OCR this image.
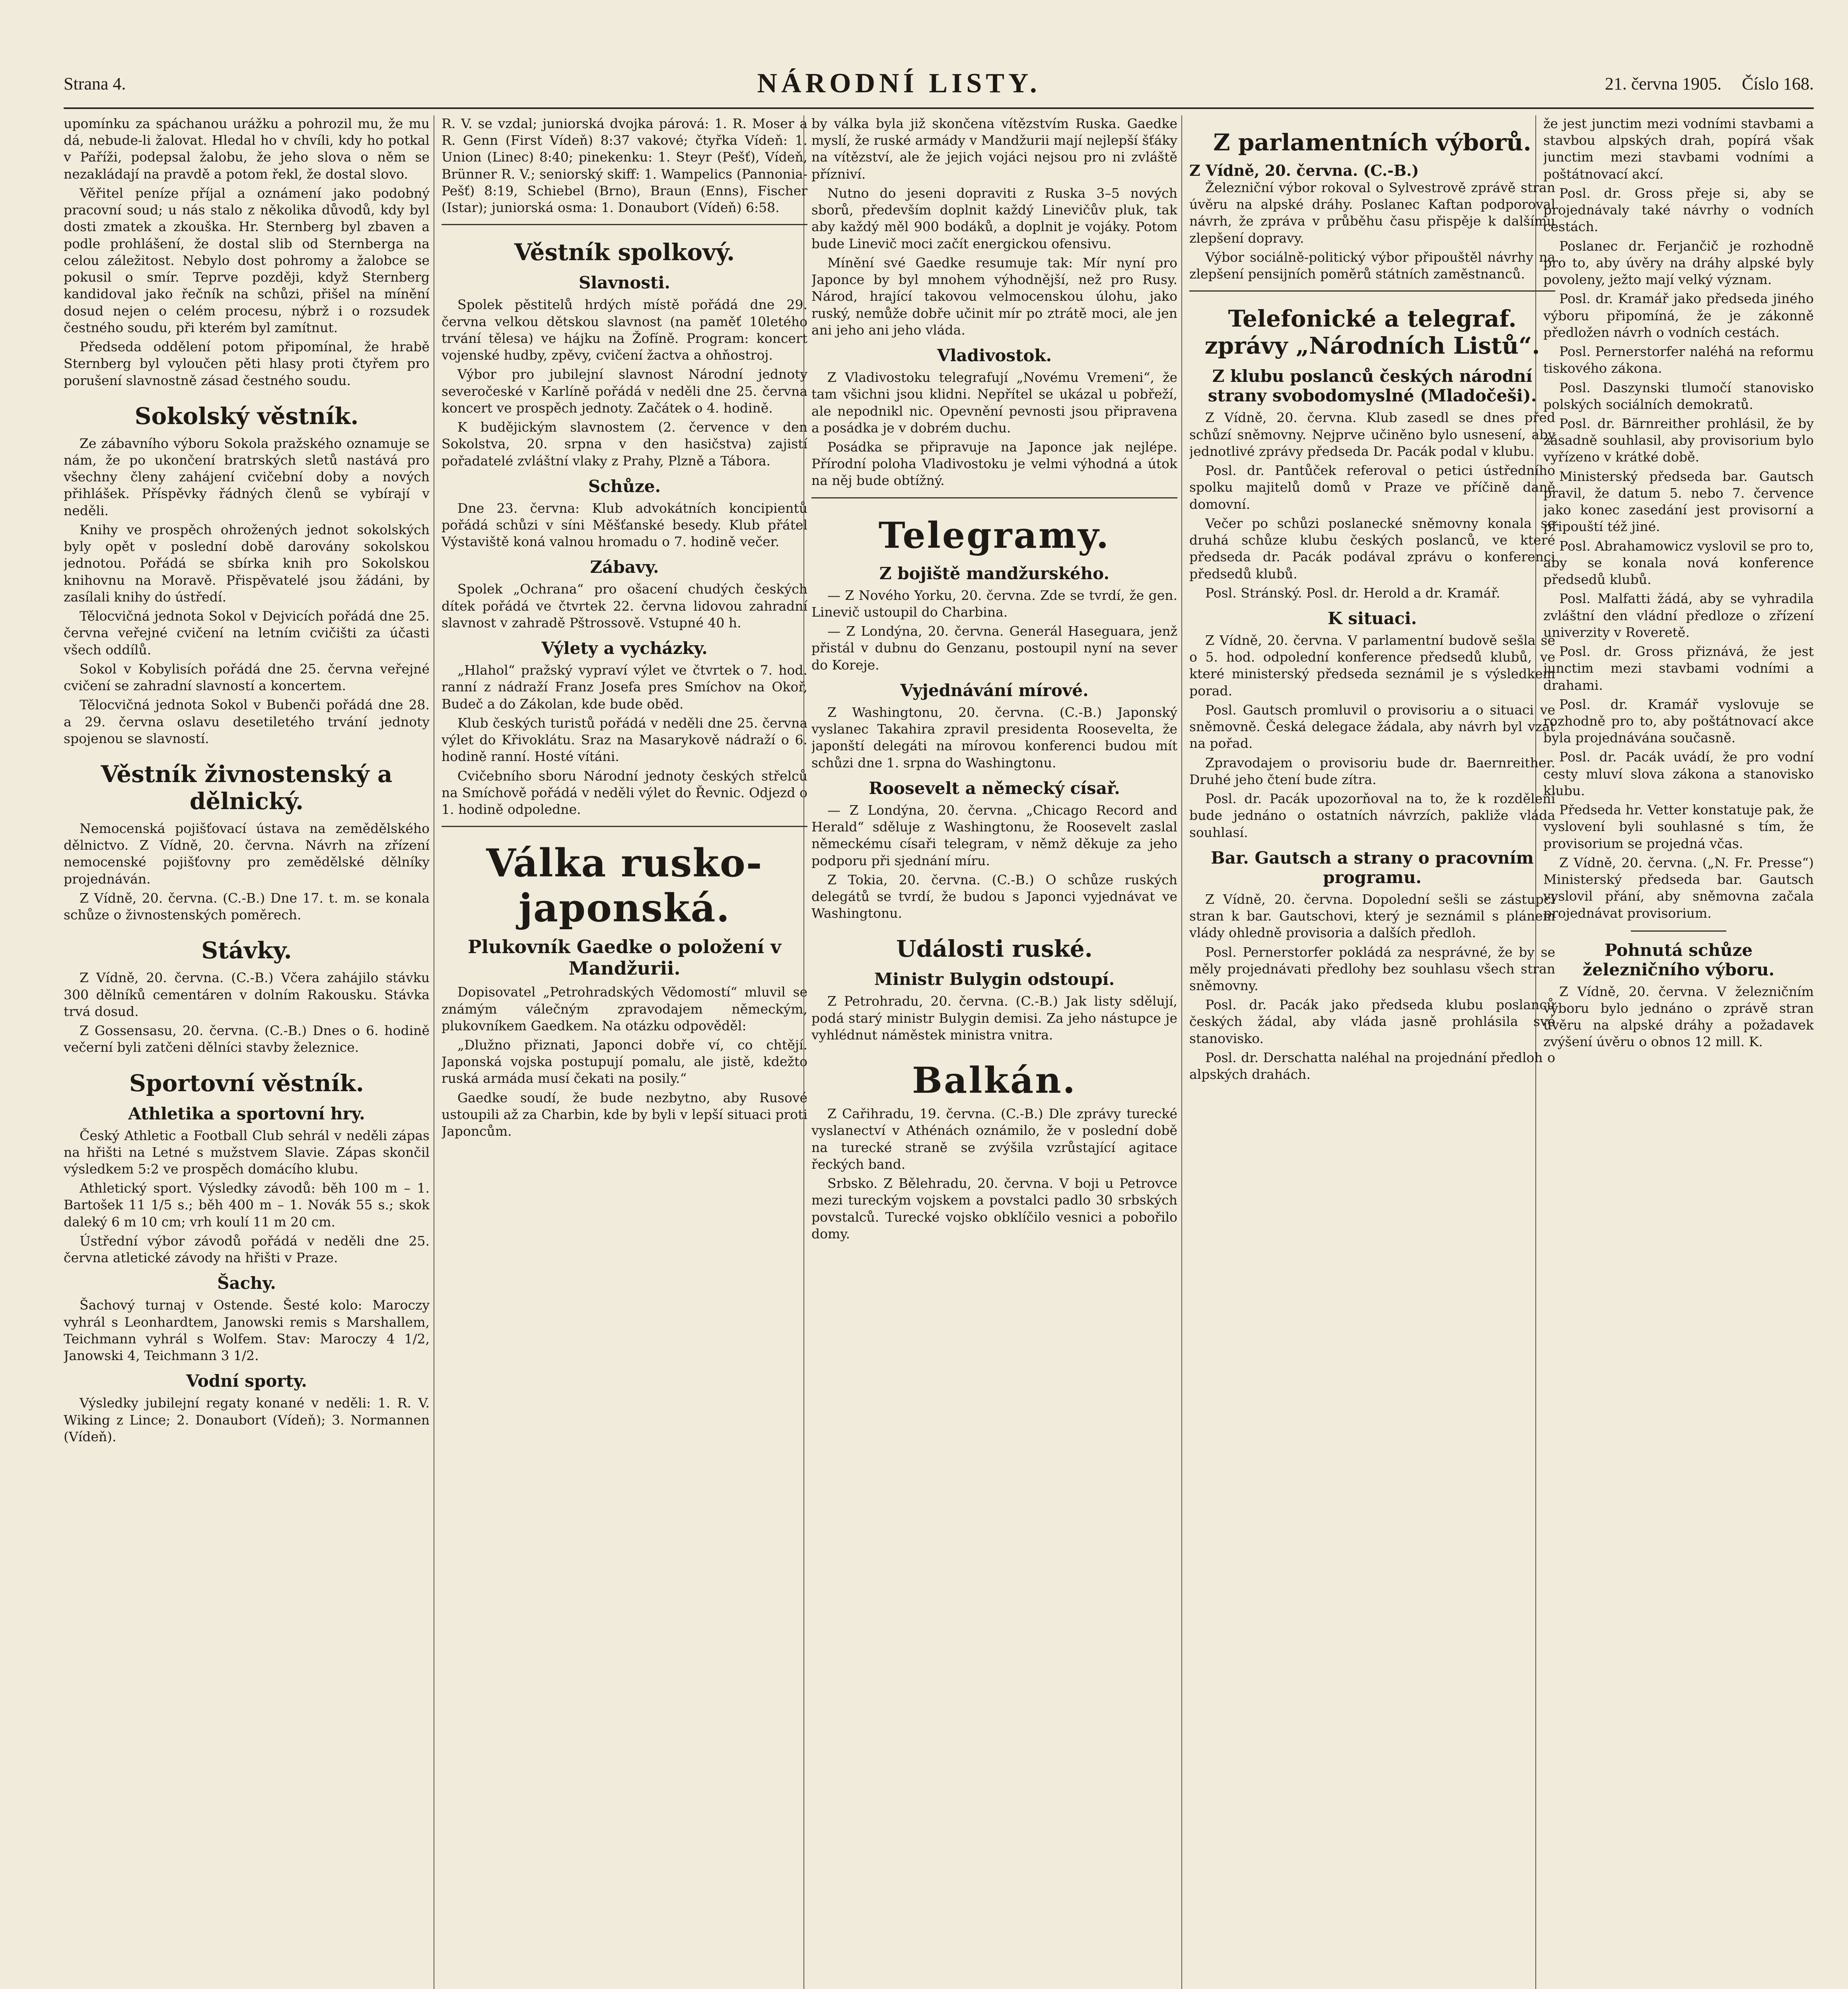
Strana 4.	NÁRODNÍ LISTY.	21. června 1905. Číslo 168.

upomínku za spáchanou urážku a pohrozil mu, že mu dá, nebude-li žalovat. Hledal ho v chvíli, kdy ho potkal v Paříži, podepsal žalobu, že jeho slova o něm se nezakládají na pravdě a potom řekl, že dostal slovo.

Věřitel peníze příjal a oznámení jako podobný pracovní soud; u nás stalo z několika důvodů, kdy byl dosti zmatek a zkouška. Hr. Sternberg byl zbaven a podle prohlášení, že dostal slib od Sternberga na celou záležitost. Nebylo dost pohromy a žalobce se pokusil o smír. Teprve později, když Sternberg kandidoval jako řečník na schůzi, přišel na mínění dosud nejen o celém procesu, nýbrž i o rozsudek čestného soudu, při kterém byl zamítnut.

Předseda oddělení potom připomínal, že hrabě Sternberg byl vyloučen pěti hlasy proti čtyřem pro porušení slavnostně zásad čestného soudu.

Sokolský věstník.

Ze zábavního výboru Sokola pražského oznamuje se nám, že po ukončení bratrských sletů nastává pro všechny členy zahájení cvičební doby a nových přihlášek. Příspěvky řádných členů se vybírají v neděli.

Knihy ve prospěch ohrožených jednot sokolských byly opět v poslední době darovány sokolskou jednotou. Pořádá se sbírka knih pro Sokolskou knihovnu na Moravě. Přispěvatelé jsou žádáni, by zasílali knihy do ústředí.

Tělocvičná jednota Sokol v Dejvicích pořádá dne 25. června veřejné cvičení na letním cvičišti za účasti všech oddílů.

Sokol v Kobylisích pořádá dne 25. června veřejné cvičení se zahradní slavností a koncertem.

Tělocvičná jednota Sokol v Bubenči pořádá dne 28. a 29. června oslavu desetiletého trvání jednoty spojenou se slavností.

Věstník živnostenský a dělnický.

Nemocenská pojišťovací ústava na zemědělského dělnictvo. Z Vídně, 20. června. Návrh na zřízení nemocenské pojišťovny pro zemědělské dělníky projednáván.

Z Vídně, 20. června. (C.-B.) Dne 17. t. m. se konala schůze o živnostenských poměrech.

Stávky.

Z Vídně, 20. června. (C.-B.) Včera zahájilo stávku 300 dělníků cementáren v dolním Rakousku. Stávka trvá dosud.

Z Gossensasu, 20. června. (C.-B.) Dnes o 6. hodině večerní byli zatčeni dělníci stavby železnice.

Sportovní věstník.
Athletika a sportovní hry.

Český Athletic a Football Club sehrál v neděli zápas na hřišti na Letné s mužstvem Slavie. Zápas skončil výsledkem 5:2 ve prospěch domácího klubu.

Athletický sport. Výsledky závodů: běh 100 m – 1. Bartošek 11 1/5 s.; běh 400 m – 1. Novák 55 s.; skok daleký 6 m 10 cm; vrh koulí 11 m 20 cm.

Ústřední výbor závodů pořádá v neděli dne 25. června atletické závody na hřišti v Praze.

Šachy.

Šachový turnaj v Ostende. Šesté kolo: Maroczy vyhrál s Leonhardtem, Janowski remis s Marshallem, Teichmann vyhrál s Wolfem. Stav: Maroczy 4 1/2, Janowski 4, Teichmann 3 1/2.

Vodní sporty.

Výsledky jubilejní regaty konané v neděli: 1. R. V. Wiking z Lince; 2. Donaubort (Vídeň); 3. Normannen (Vídeň).

R. V. se vzdal; juniorská dvojka párová: 1. R. Moser a R. Genn (First Vídeň) 8:37 vakové; čtyřka Vídeň: 1. Union (Linec) 8:40; pinekenku: 1. Steyr (Pešť), Vídeň, Brünner R. V.; seniorský skiff: 1. Wampelics (Pannonia-Pešť) 8:19, Schiebel (Brno), Braun (Enns), Fischer (Istar); juniorská osma: 1. Donaubort (Vídeň) 6:58.

Věstník spolkový.
Slavnosti.

Spolek pěstitelů hrdých místě pořádá dne 29. června velkou dětskou slavnost (na paměť 10letého trvání tělesa) ve hájku na Žofíně. Program: koncert vojenské hudby, zpěvy, cvičení žactva a ohňostroj.

Výbor pro jubilejní slavnost Národní jednoty severočeské v Karlíně pořádá v neděli dne 25. června koncert ve prospěch jednoty. Začátek o 4. hodině.

K budějickým slavnostem (2. července v den Sokolstva, 20. srpna v den hasičstva) zajistí pořadatelé zvláštní vlaky z Prahy, Plzně a Tábora.

Schůze.

Dne 23. června: Klub advokátních koncipientů pořádá schůzi v síni Měšťanské besedy. Klub přátel Výstaviště koná valnou hromadu o 7. hodině večer.

Zábavy.

Spolek „Ochrana“ pro ošacení chudých českých dítek pořádá ve čtvrtek 22. června lidovou zahradní slavnost v zahradě Pštrossově. Vstupné 40 h.

Výlety a vycházky.

„Hlahol“ pražský vypraví výlet ve čtvrtek o 7. hod. ranní z nádraží Franz Josefa pres Smíchov na Okoř, Budeč a do Zákolan, kde bude oběd.

Klub českých turistů pořádá v neděli dne 25. června výlet do Křivoklátu. Sraz na Masarykově nádraží o 6. hodině ranní. Hosté vítáni.

Cvičebního sboru Národní jednoty českých střelců na Smíchově pořádá v neděli výlet do Řevnic. Odjezd o 1. hodině odpoledne.

Válka rusko-japonská.
Plukovník Gaedke o položení v Mandžurii.

Dopisovatel „Petrohradských Vědomostí“ mluvil se známým válečným zpravodajem německým, plukovníkem Gaedkem. Na otázku odpověděl:

„Dlužno přiznati, Japonci dobře ví, co chtějí. Japonská vojska postupují pomalu, ale jistě, kdežto ruská armáda musí čekati na posily.“

Gaedke soudí, že bude nezbytno, aby Rusové ustoupili až za Charbin, kde by byli v lepší situaci proti Japoncům.

by válka byla již skončena vítězstvím Ruska. Gaedke myslí, že ruské armády v Mandžurii mají nejlepší šťáky na vítězství, ale že jejich vojáci nejsou pro ni zvláště přízniví.

Nutno do jeseni dopraviti z Ruska 3–5 nových sborů, především doplnit každý Linevičův pluk, tak aby každý měl 900 bodáků, a doplnit je vojáky. Potom bude Linevič moci začít energickou ofensivu.

Mínění své Gaedke resumuje tak: Mír nyní pro Japonce by byl mnohem výhodnější, než pro Rusy. Národ, hrající takovou velmocenskou úlohu, jako ruský, nemůže dobře učinit mír po ztrátě moci, ale jen ani jeho ani jeho vláda.

Vladivostok.

Z Vladivostoku telegrafují „Novému Vremeni“, že tam všichni jsou klidni. Nepřítel se ukázal u pobřeží, ale nepodnikl nic. Opevnění pevnosti jsou připravena a posádka je v dobrém duchu.

Posádka se připravuje na Japonce jak nejlépe. Přírodní poloha Vladivostoku je velmi výhodná a útok na něj bude obtížný.

Telegramy.
Z bojiště mandžurského.

— Z Nového Yorku, 20. června. Zde se tvrdí, že gen. Linevič ustoupil do Charbina.

— Z Londýna, 20. června. Generál Haseguara, jenž přistál v dubnu do Genzanu, postoupil nyní na sever do Koreje.

Vyjednávání mírové.

Z Washingtonu, 20. června. (C.-B.) Japonský vyslanec Takahira zpravil presidenta Roosevelta, že japonští delegáti na mírovou konferenci budou mít schůzi dne 1. srpna do Washingtonu.

Roosevelt a německý císař.

— Z Londýna, 20. června. „Chicago Record and Herald“ sděluje z Washingtonu, že Roosevelt zaslal německému císaři telegram, v němž děkuje za jeho podporu při sjednání míru.

Z Tokia, 20. června. (C.-B.) O schůze ruských delegátů se tvrdí, že budou s Japonci vyjednávat ve Washingtonu.

Události ruské.
Ministr Bulygin odstoupí.

Z Petrohradu, 20. června. (C.-B.) Jak listy sdělují, podá starý ministr Bulygin demisi. Za jeho nástupce je vyhlédnut náměstek ministra vnitra.

Balkán.

Z Cařihradu, 19. června. (C.-B.) Dle zprávy turecké vyslanectví v Athénách oznámilo, že v poslední době na turecké straně se zvýšila vzrůstající agitace řeckých band.

Srbsko. Z Bělehradu, 20. června. V boji u Petrovce mezi tureckým vojskem a povstalci padlo 30 srbských povstalců. Turecké vojsko obklíčilo vesnici a pobořilo domy.

Z parlamentních výborů.
Z Vídně, 20. června. (C.-B.)

Železniční výbor rokoval o Sylvestrově zprávě stran úvěru na alpské dráhy. Poslanec Kaftan podporoval návrh, že zpráva v průběhu času přispěje k dalšímu zlepšení dopravy.

Výbor sociálně-politický výbor připouštěl návrhy na zlepšení pensijních poměrů státních zaměstnanců.

Telefonické a telegraf. zprávy „Národních Listů“.
Z klubu poslanců českých národní strany svobodomyslné (Mladočeši).

Z Vídně, 20. června. Klub zasedl se dnes před schůzí sněmovny. Nejprve učiněno bylo usnesení, aby jednotlivé zprávy předseda Dr. Pacák podal v klubu.

Posl. dr. Pantůček referoval o petici ústředního spolku majitelů domů v Praze ve příčině daně domovní.

Večer po schůzi poslanecké sněmovny konala se druhá schůze klubu českých poslanců, ve které předseda dr. Pacák podával zprávu o konferenci předsedů klubů.

Posl. Stránský. Posl. dr. Herold a dr. Kramář.

K situaci.

Z Vídně, 20. června. V parlamentní budově sešla se o 5. hod. odpolední konference předsedů klubů, ve které ministerský předseda seznámil je s výsledkem porad.

Posl. Gautsch promluvil o provisoriu a o situaci ve sněmovně. Česká delegace žádala, aby návrh byl vzat na pořad.

Zpravodajem o provisoriu bude dr. Baernreither. Druhé jeho čtení bude zítra.

Posl. dr. Pacák upozorňoval na to, že k rozdělení bude jednáno o ostatních návrzích, pakliže vláda souhlasí.

Bar. Gautsch a strany o pracovním programu.

Z Vídně, 20. června. Dopolední sešli se zástupci stran k bar. Gautschovi, který je seznámil s plánem vlády ohledně provisoria a dalších předloh.

Posl. Pernerstorfer pokládá za nesprávné, že by se měly projednávati předlohy bez souhlasu všech stran sněmovny.

Posl. dr. Pacák jako předseda klubu poslanců českých žádal, aby vláda jasně prohlásila své stanovisko.

Posl. dr. Derschatta naléhal na projednání předloh o alpských drahách.

že jest junctim mezi vodními stavbami a stavbou alpských drah, popírá však junctim mezi stavbami vodními a poštátnovací akcí.

Posl. dr. Gross přeje si, aby se projednávaly také návrhy o vodních cestách.

Poslanec dr. Ferjančič je rozhodně pro to, aby úvěry na dráhy alpské byly povoleny, ježto mají velký význam.

Posl. dr. Kramář jako předseda jiného výboru připomíná, že je zákonně předložen návrh o vodních cestách.

Posl. Pernerstorfer naléhá na reformu tiskového zákona.

Posl. Daszynski tlumočí stanovisko polských sociálních demokratů.

Posl. dr. Bärnreither prohlásil, že by zásadně souhlasil, aby provisorium bylo vyřízeno v krátké době.

Ministerský předseda bar. Gautsch pravil, že datum 5. nebo 7. července jako konec zasedání jest provisorní a připouští též jiné.

Posl. Abrahamowicz vyslovil se pro to, aby se konala nová konference předsedů klubů.

Posl. Malfatti žádá, aby se vyhradila zvláštní den vládní předloze o zřízení univerzity v Roveretě.

Posl. dr. Gross přiznává, že jest junctim mezi stavbami vodními a drahami.

Posl. dr. Kramář vyslovuje se rozhodně pro to, aby poštátnovací akce byla projednávána současně.

Posl. dr. Pacák uvádí, že pro vodní cesty mluví slova zákona a stanovisko klubu.

Předseda hr. Vetter konstatuje pak, že vyslovení byli souhlasné s tím, že provisorium se projedná včas.

Z Vídně, 20. června. („N. Fr. Presse“) Ministerský předseda bar. Gautsch vyslovil přání, aby sněmovna začala projednávat provisorium.

Pohnutá schůze železničního výboru.

Z Vídně, 20. června. V železničním výboru bylo jednáno o zprávě stran úvěru na alpské dráhy a požadavek zvýšení úvěru o obnos 12 mill. K.
